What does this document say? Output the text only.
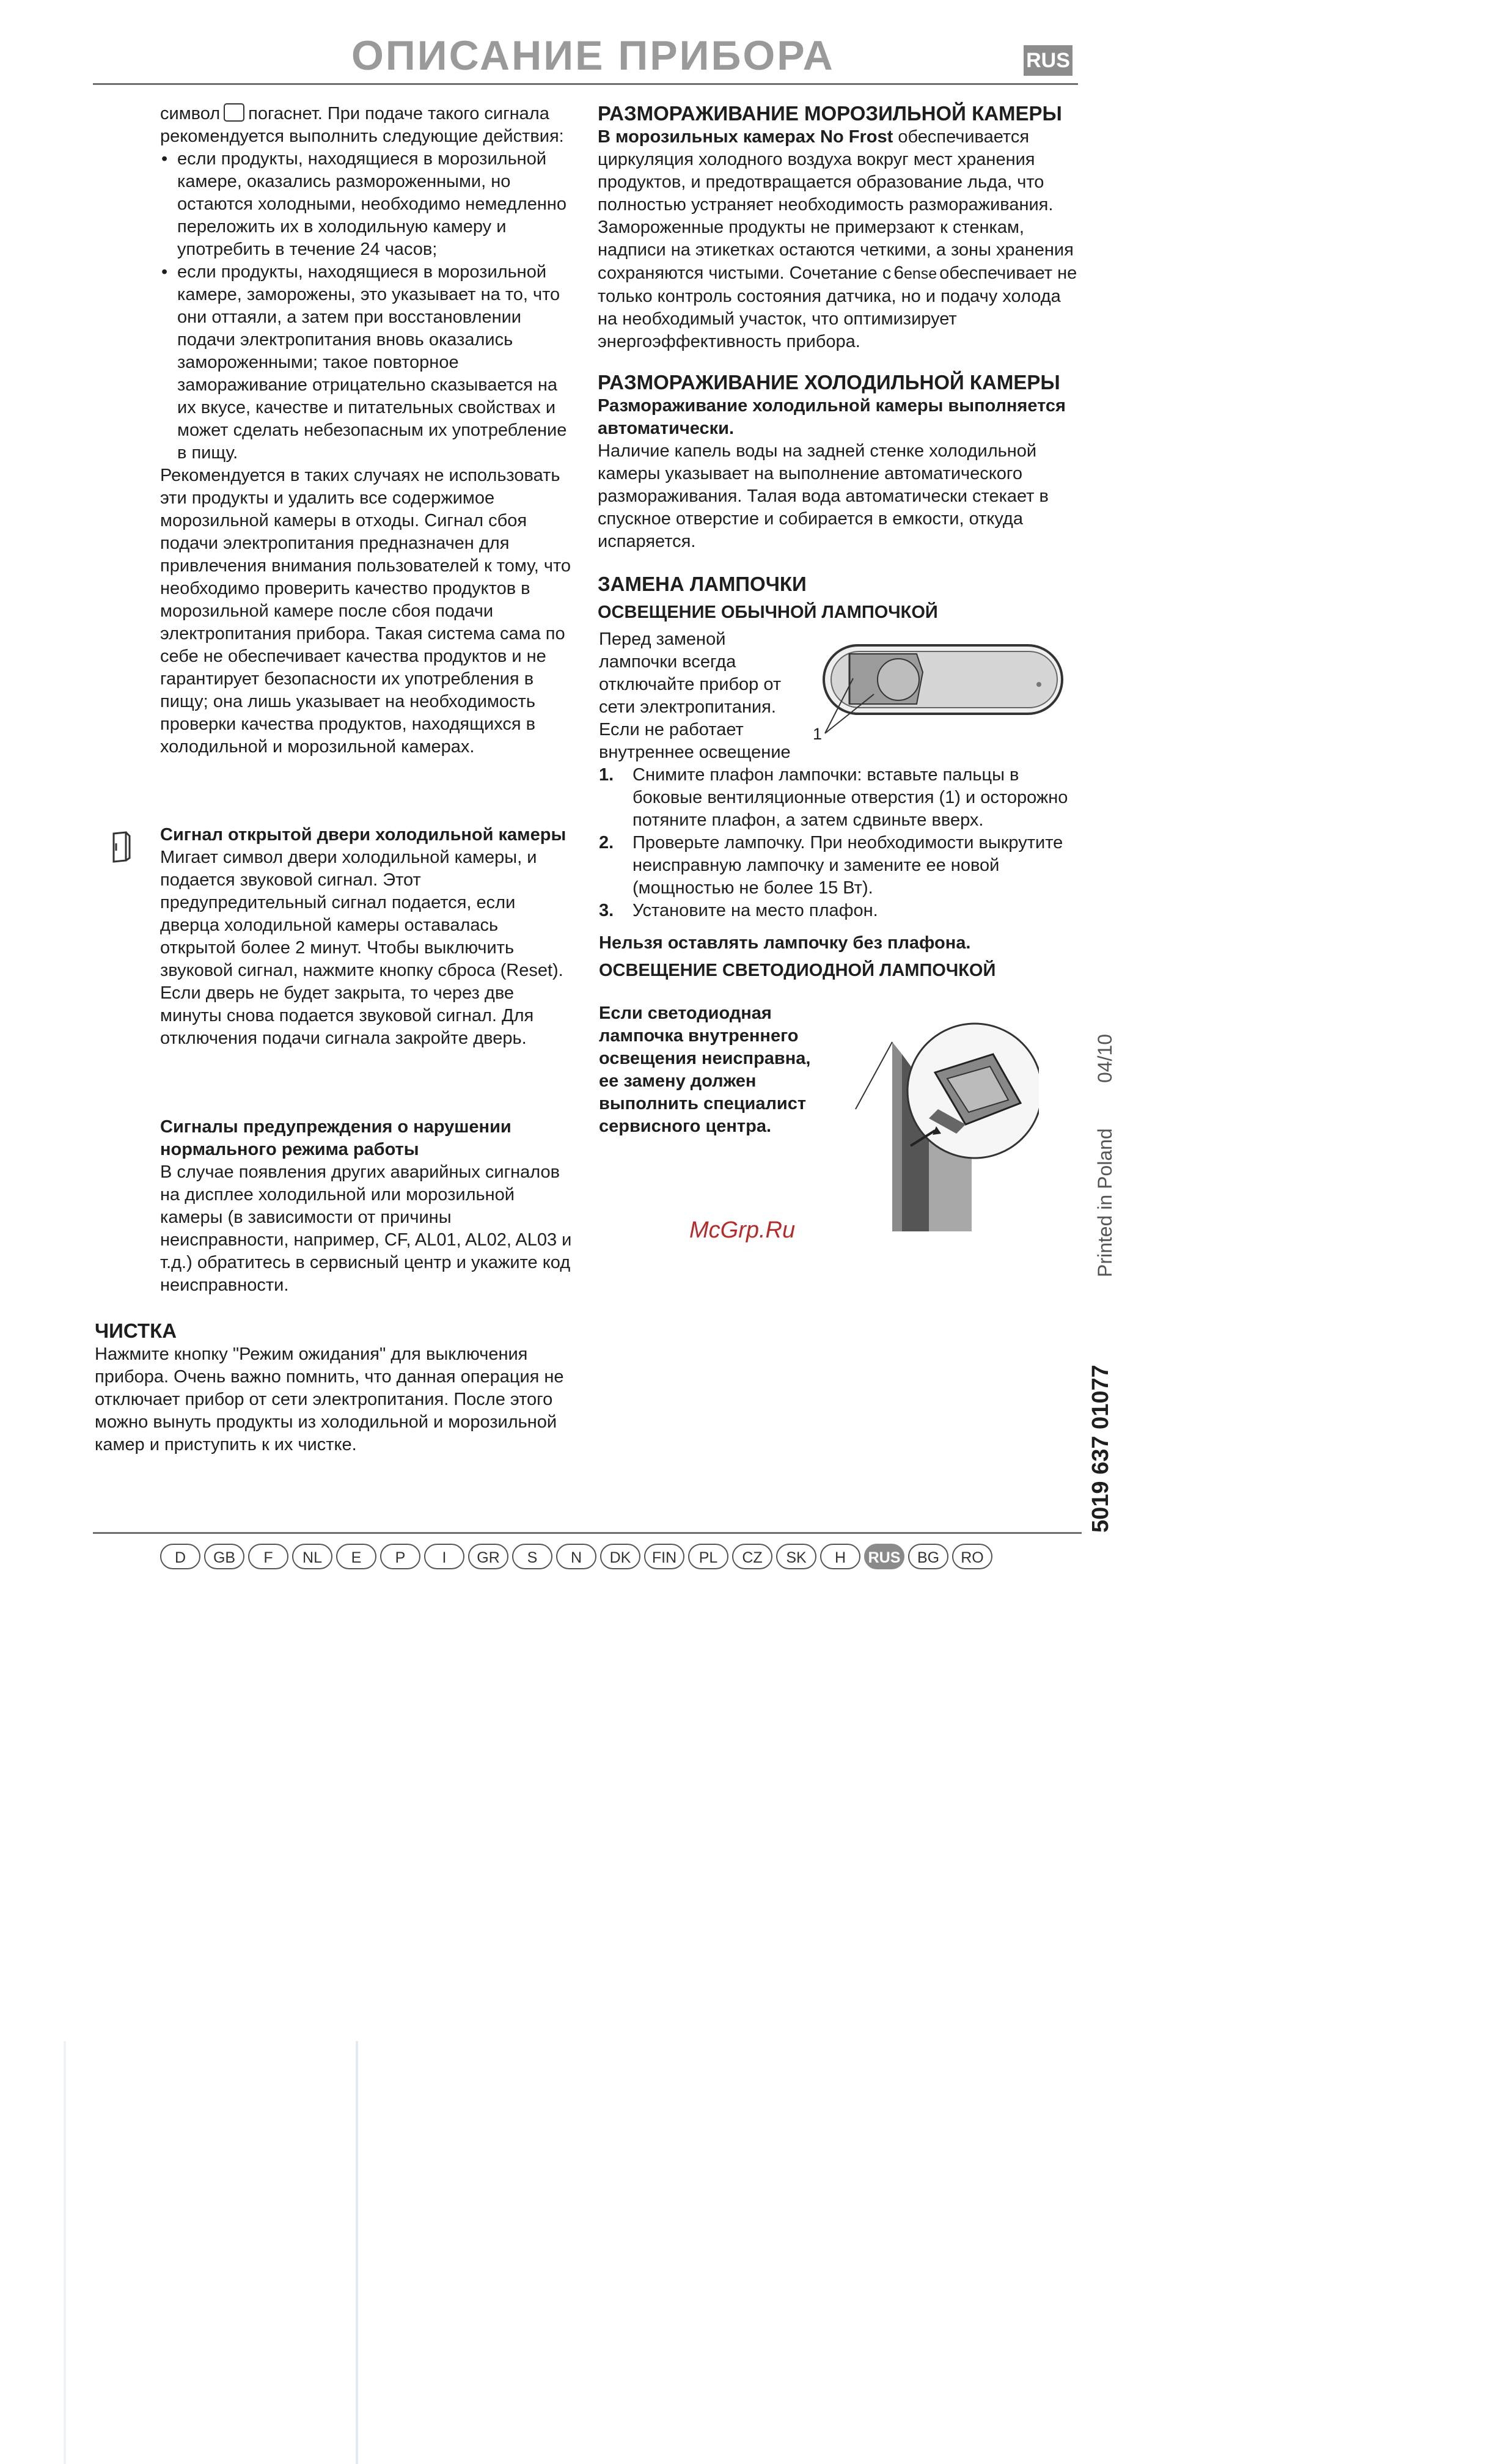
ОПИСАНИЕ ПРИБОРА	RUS

символ погаснет. При подаче такого сигнала рекомендуется выполнить следующие действия:

• если продукты, находящиеся в морозильной камере, оказались размороженными, но остаются холодными, необходимо немедленно переложить их в холодильную камеру и употребить в течение 24 часов;
• если продукты, находящиеся в морозильной камере, заморожены, это указывает на то, что они оттаяли, а затем при восстановлении подачи электропитания вновь оказались замороженными; такое повторное замораживание отрицательно сказывается на их вкусе, качестве и питательных свойствах и может сделать небезопасным их употребление в пищу.

Рекомендуется в таких случаях не использовать эти продукты и удалить все содержимое морозильной камеры в отходы. Сигнал сбоя подачи электропитания предназначен для привлечения внимания пользователей к тому, что необходимо проверить качество продуктов в морозильной камере после сбоя подачи электропитания прибора. Такая система сама по себе не обеспечивает качества продуктов и не гарантирует безопасности их употребления в пищу; она лишь указывает на необходимость проверки качества продуктов, находящихся в холодильной и морозильной камерах.

Сигнал открытой двери холодильной камеры

Мигает символ двери холодильной камеры, и подается звуковой сигнал. Этот предупредительный сигнал подается, если дверца холодильной камеры оставалась открытой более 2 минут. Чтобы выключить звуковой сигнал, нажмите кнопку сброса (Reset). Если дверь не будет закрыта, то через две минуты снова подается звуковой сигнал. Для отключения подачи сигнала закройте дверь.

Сигналы предупреждения о нарушении нормального режима работы

В случае появления других аварийных сигналов на дисплее холодильной или морозильной камеры (в зависимости от причины неисправности, например, CF, AL01, AL02, AL03 и т.д.) обратитесь в сервисный центр и укажите код неисправности.

ЧИСТКА

Нажмите кнопку "Режим ожидания" для выключения прибора. Очень важно помнить, что данная операция не отключает прибор от сети электропитания. После этого можно вынуть продукты из холодильной и морозильной камер и приступить к их чистке.

РАЗМОРАЖИВАНИЕ МОРОЗИЛЬНОЙ КАМЕРЫ

В морозильных камерах No Frost обеспечивается циркуляция холодного воздуха вокруг мест хранения продуктов, и предотвращается образование льда, что полностью устраняет необходимость размораживания. Замороженные продукты не примерзают к стенкам, надписи на этикетках остаются четкими, а зоны хранения сохраняются чистыми. Сочетание с 6ense обеспечивает не только контроль состояния датчика, но и подачу холода на необходимый участок, что оптимизирует энергоэффективность прибора.

РАЗМОРАЖИВАНИЕ ХОЛОДИЛЬНОЙ КАМЕРЫ

Размораживание холодильной камеры выполняется автоматически.

Наличие капель воды на задней стенке холодильной камеры указывает на выполнение автоматического размораживания. Талая вода автоматически стекает в спускное отверстие и собирается в емкости, откуда испаряется.

ЗАМЕНА ЛАМПОЧКИ

ОСВЕЩЕНИЕ ОБЫЧНОЙ ЛАМПОЧКОЙ

Перед заменой лампочки всегда отключайте прибор от сети электропитания. Если не работает внутреннее освещение

1
1. Снимите плафон лампочки: вставьте пальцы в боковые вентиляционные отверстия (1) и осторожно потяните плафон, а затем сдвиньте вверх.
2. Проверьте лампочку. При необходимости выкрутите неисправную лампочку и замените ее новой (мощностью не более 15 Вт).
3. Установите на место плафон.

Нельзя оставлять лампочку без плафона.

ОСВЕЩЕНИЕ СВЕТОДИОДНОЙ ЛАМПОЧКОЙ

Если светодиодная лампочка внутреннего освещения неисправна, ее замену должен выполнить специалист сервисного центра.
McGrp.Ru	Printed in Poland
04/10
5019 637 01077
D	GB	F	NL	E	P	I	GR	S	N	DK	FIN	PL	CZ	SK	H	RUS	BG	RO
